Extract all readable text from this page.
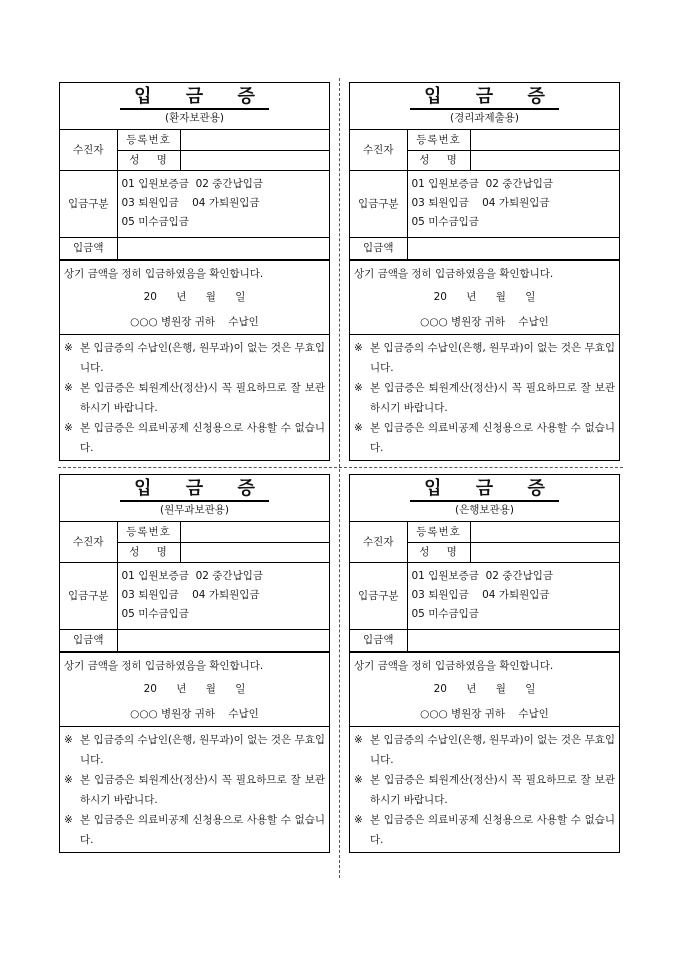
입 금 증
(환자보관용)
수진자	등록번호	
	성 명	
입금구분	01 입원보증금  02 중간납입금
03 퇴원입금    04 가퇴원입금
05 미수금입금	

입금액		
상기 금액을 정히 입금하였음을 확인합니다.
20 년 월 일
○○○ 병원장 귀하    수납인
※ 본 입금증의 수납인(은행, 원무과)이 없는 것은 무효입니다.
※ 본 입금증은 퇴원계산(정산)시 꼭 필요하므로 잘 보관하시기 바랍니다.
※ 본 입금증은 의료비공제 신청용으로 사용할 수 없습니다.
입 금 증
(경리과제출용)
수진자	등록번호	
	성 명	
입금구분	01 입원보증금  02 중간납입금
03 퇴원입금    04 가퇴원입금
05 미수금입금	

입금액		
상기 금액을 정히 입금하였음을 확인합니다.
20 년 월 일
○○○ 병원장 귀하    수납인
※ 본 입금증의 수납인(은행, 원무과)이 없는 것은 무효입니다.
※ 본 입금증은 퇴원계산(정산)시 꼭 필요하므로 잘 보관하시기 바랍니다.
※ 본 입금증은 의료비공제 신청용으로 사용할 수 없습니다.
입 금 증
(원무과보관용)
수진자	등록번호	
	성 명	
입금구분	01 입원보증금  02 중간납입금
03 퇴원입금    04 가퇴원입금
05 미수금입금	

입금액		
상기 금액을 정히 입금하였음을 확인합니다.
20 년 월 일
○○○ 병원장 귀하    수납인
※ 본 입금증의 수납인(은행, 원무과)이 없는 것은 무효입니다.
※ 본 입금증은 퇴원계산(정산)시 꼭 필요하므로 잘 보관하시기 바랍니다.
※ 본 입금증은 의료비공제 신청용으로 사용할 수 없습니다.
입 금 증
(은행보관용)
수진자	등록번호	
	성 명	
입금구분	01 입원보증금  02 중간납입금
03 퇴원입금    04 가퇴원입금
05 미수금입금	

입금액		
상기 금액을 정히 입금하였음을 확인합니다.
20 년 월 일
○○○ 병원장 귀하    수납인
※ 본 입금증의 수납인(은행, 원무과)이 없는 것은 무효입니다.
※ 본 입금증은 퇴원계산(정산)시 꼭 필요하므로 잘 보관하시기 바랍니다.
※ 본 입금증은 의료비공제 신청용으로 사용할 수 없습니다.
